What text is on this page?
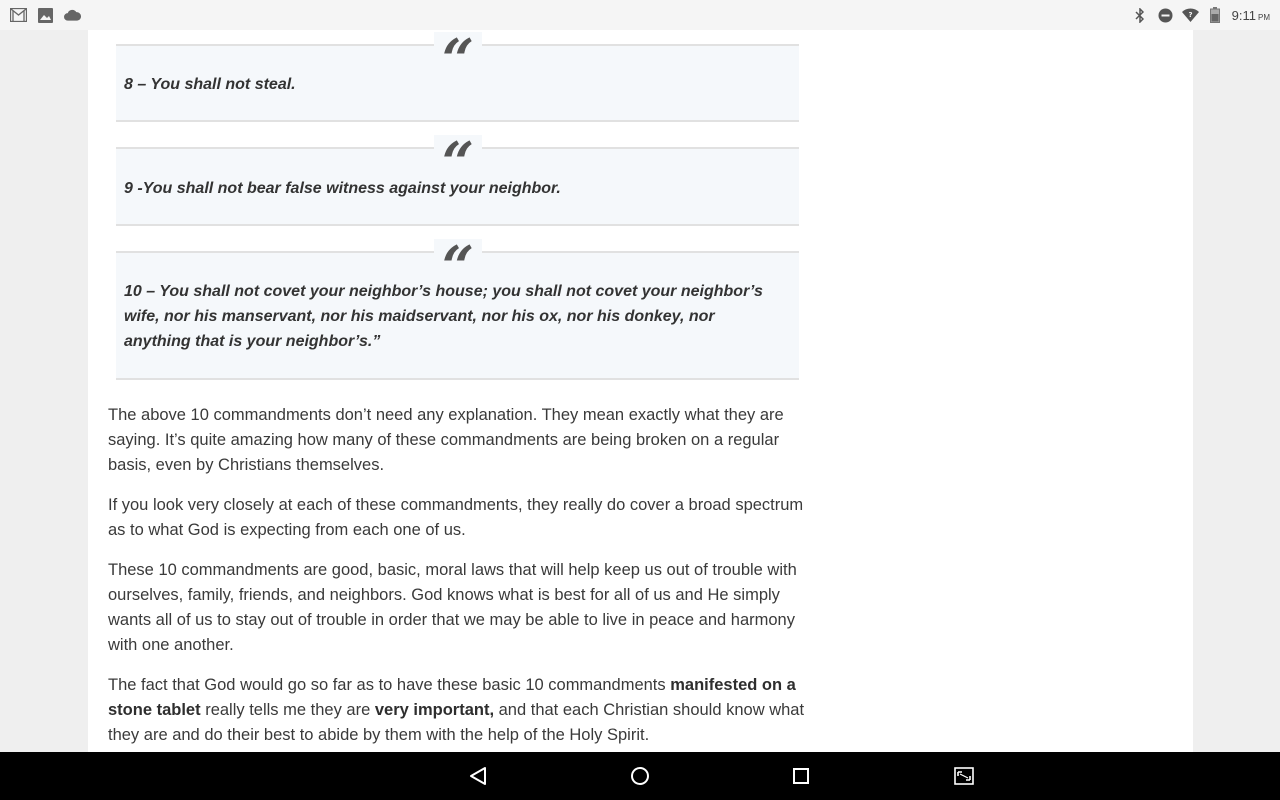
?	9:11 PM
“

8 – You shall not steal.

“

9 -You shall not bear false witness against your neighbor.

“

10 – You shall not covet your neighbor’s house; you shall not covet your neighbor’s wife, nor his manservant, nor his maidservant, nor his ox, nor his donkey, nor anything that is your neighbor’s.”

The above 10 commandments don’t need any explanation. They mean exactly what they are saying. It’s quite amazing how many of these commandments are being broken on a regular basis, even by Christians themselves.

If you look very closely at each of these commandments, they really do cover a broad spectrum as to what God is expecting from each one of us.

These 10 commandments are good, basic, moral laws that will help keep us out of trouble with ourselves, family, friends, and neighbors. God knows what is best for all of us and He simply wants all of us to stay out of trouble in order that we may be able to live in peace and harmony with one another.

The fact that God would go so far as to have these basic 10 commandments manifested on a stone tablet really tells me they are very important, and that each Christian should know what they are and do their best to abide by them with the help of the Holy Spirit.
